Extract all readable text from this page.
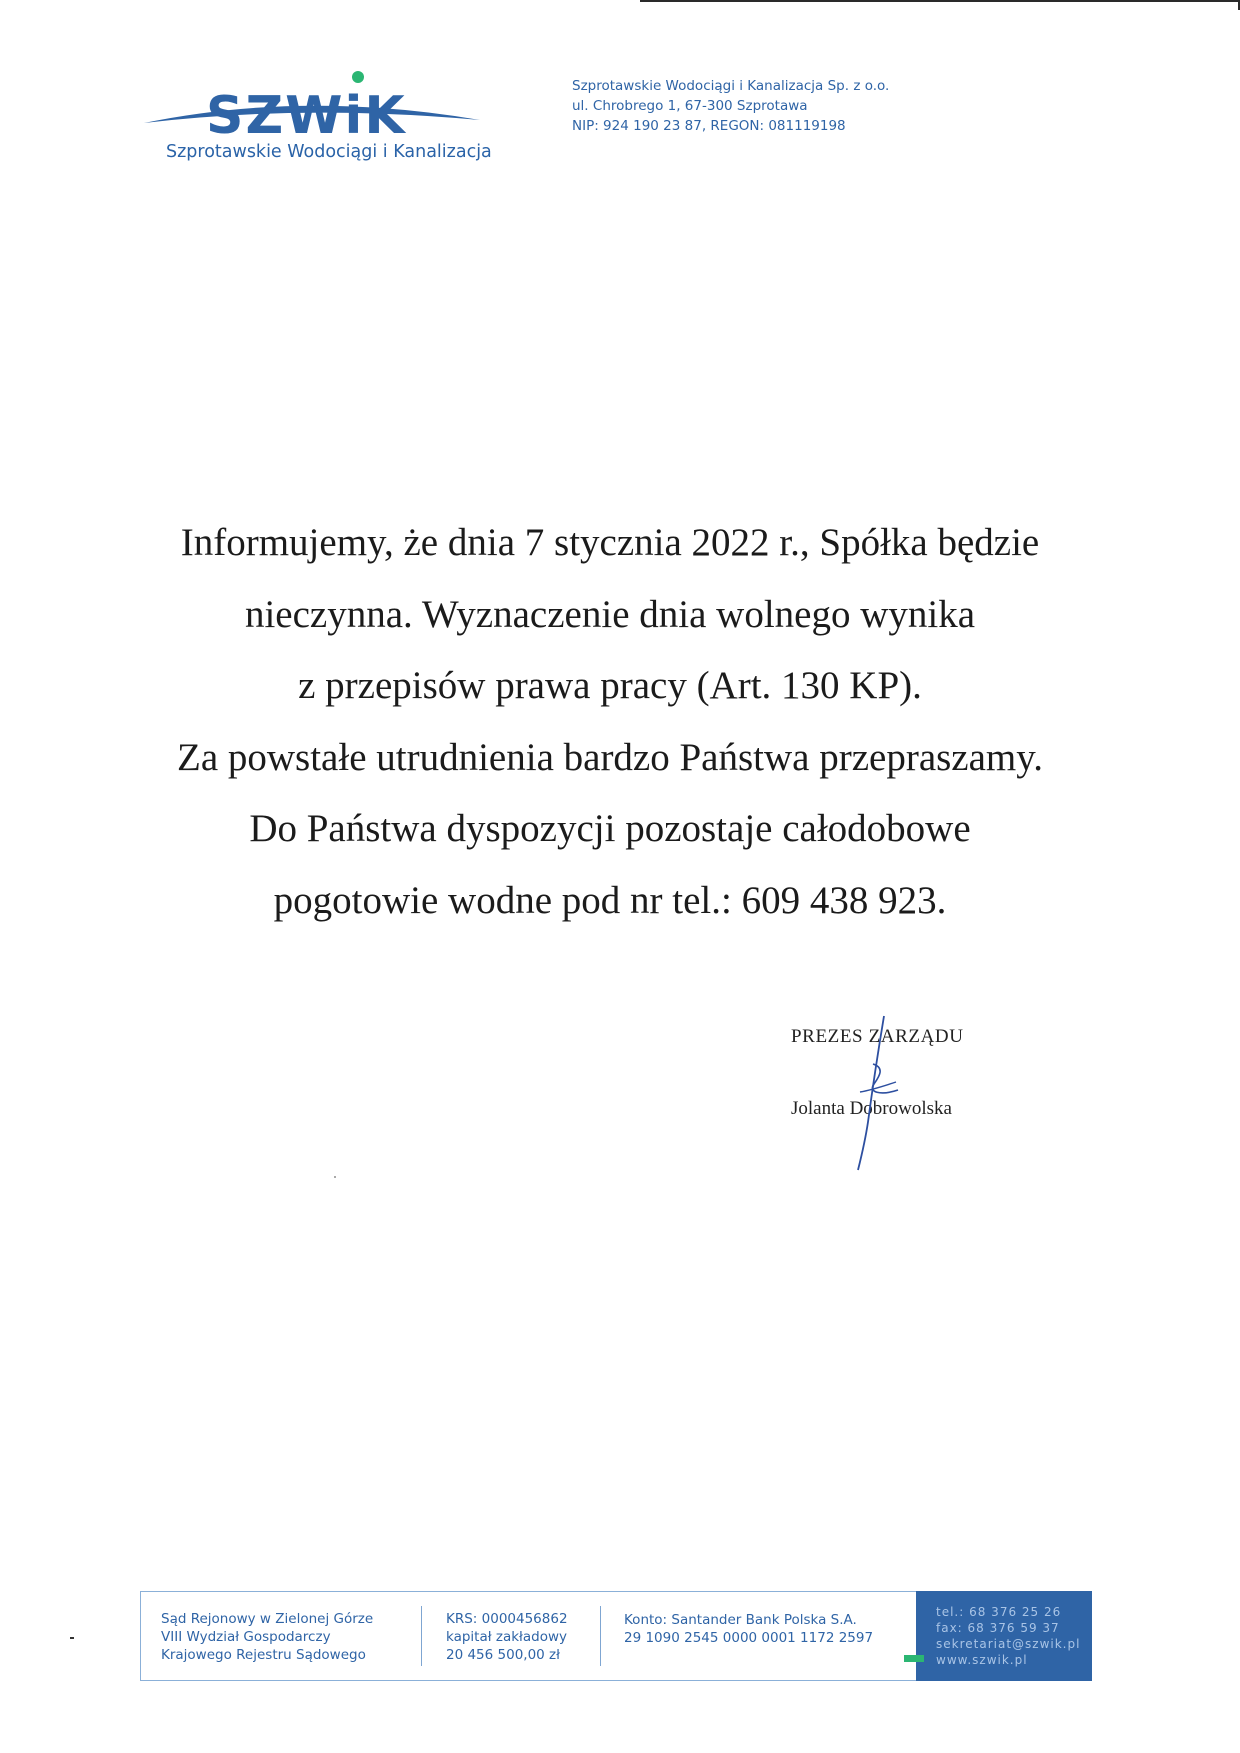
SZWiK
Szprotawskie Wodociągi i Kanalizacja
Szprotawskie Wodociągi i Kanalizacja Sp. z o.o.
ul. Chrobrego 1, 67-300 Szprotawa
NIP: 924 190 23 87, REGON: 081119198
Informujemy, że dnia 7 stycznia 2022 r., Spółka będzie
nieczynna. Wyznaczenie dnia wolnego wynika
z przepisów prawa pracy (Art. 130 KP).
Za powstałe utrudnienia bardzo Państwa przepraszamy.
Do Państwa dyspozycji pozostaje całodobowe
pogotowie wodne pod nr tel.: 609 438 923.
PREZES ZARZĄDU
Jolanta Dobrowolska
Sąd Rejonowy w Zielonej Górze
VIII Wydział Gospodarczy
Krajowego Rejestru Sądowego
KRS: 0000456862
kapitał zakładowy
20 456 500,00 zł
Konto: Santander Bank Polska S.A.
29 1090 2545 0000 0001 1172 2597
tel.: 68 376 25 26
fax: 68 376 59 37
sekretariat@szwik.pl
www.szwik.pl
